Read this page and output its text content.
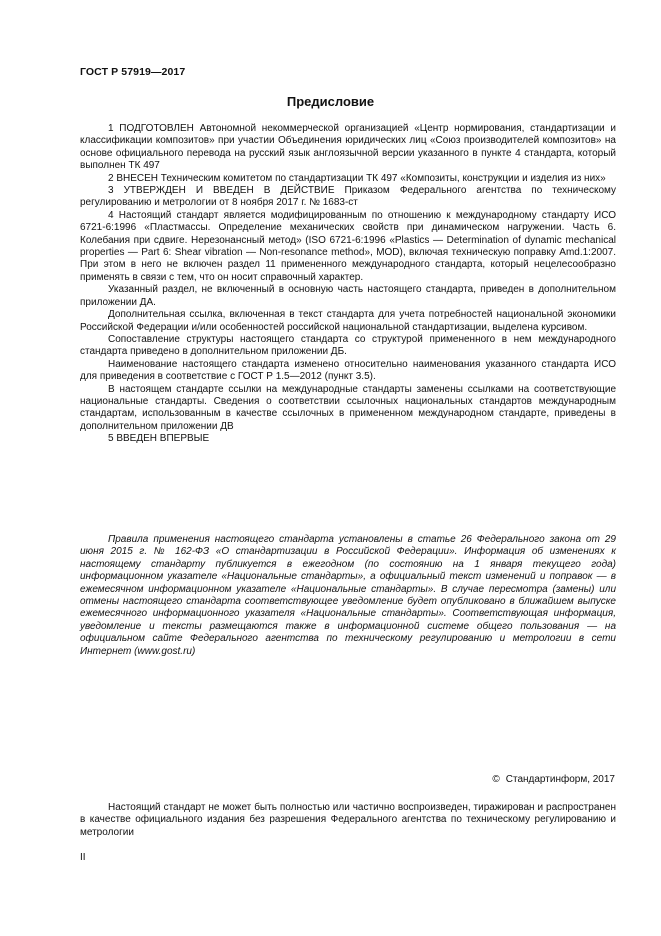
ГОСТ Р 57919—2017
Предисловие

1 ПОДГОТОВЛЕН Автономной некоммерческой организацией «Центр нормирования, стандартизации и классификации композитов» при участии Объединения юридических лиц «Союз производителей композитов» на основе официального перевода на русский язык англоязычной версии указанного в пункте 4 стандарта, который выполнен ТК 497

2 ВНЕСЕН Техническим комитетом по стандартизации ТК 497 «Композиты, конструкции и изделия из них»

3 УТВЕРЖДЕН И ВВЕДЕН В ДЕЙСТВИЕ Приказом Федерального агентства по техническому регулированию и метрологии от 8 ноября 2017 г. № 1683-ст

4 Настоящий стандарт является модифицированным по отношению к международному стандарту ИСО 6721-6:1996 «Пластмассы. Определение механических свойств при динамическом нагружении. Часть 6. Колебания при сдвиге. Нерезонансный метод» (ISO 6721-6:1996 «Plastics — Determination of dynamic mechanical properties — Part 6: Shear vibration — Non-resonance method», MOD), включая техническую поправку Amd.1:2007. При этом в него не включен раздел 11 примененного международного стандарта, который нецелесообразно применять в связи с тем, что он носит справочный характер.

Указанный раздел, не включенный в основную часть настоящего стандарта, приведен в дополнительном приложении ДА.

Дополнительная ссылка, включенная в текст стандарта для учета потребностей национальной экономики Российской Федерации и/или особенностей российской национальной стандартизации, выделена курсивом.

Сопоставление структуры настоящего стандарта со структурой примененного в нем международного стандарта приведено в дополнительном приложении ДБ.

Наименование настоящего стандарта изменено относительно наименования указанного стандарта ИСО для приведения в соответствие с ГОСТ Р 1.5—2012 (пункт 3.5).

В настоящем стандарте ссылки на международные стандарты заменены ссылками на соответствующие национальные стандарты. Сведения о соответствии ссылочных национальных стандартов международным стандартам, использованным в качестве ссылочных в примененном международном стандарте, приведены в дополнительном приложении ДВ

5 ВВЕДЕН ВПЕРВЫЕ

Правила применения настоящего стандарта установлены в статье 26 Федерального закона от 29 июня 2015 г. № 162-ФЗ «О стандартизации в Российской Федерации». Информация об изменениях к настоящему стандарту публикуется в ежегодном (по состоянию на 1 января текущего года) информационном указателе «Национальные стандарты», а официальный текст изменений и поправок — в ежемесячном информационном указателе «Национальные стандарты». В случае пересмотра (замены) или отмены настоящего стандарта соответствующее уведомление будет опубликовано в ближайшем выпуске ежемесячного информационного указателя «Национальные стандарты». Соответствующая информация, уведомление и тексты размещаются также в информационной системе общего пользования — на официальном сайте Федерального агентства по техническому регулированию и метрологии в сети Интернет (www.gost.ru)
© Стандартинформ, 2017
Настоящий стандарт не может быть полностью или частично воспроизведен, тиражирован и распространен в качестве официального издания без разрешения Федерального агентства по техническому регулированию и метрологии
II
